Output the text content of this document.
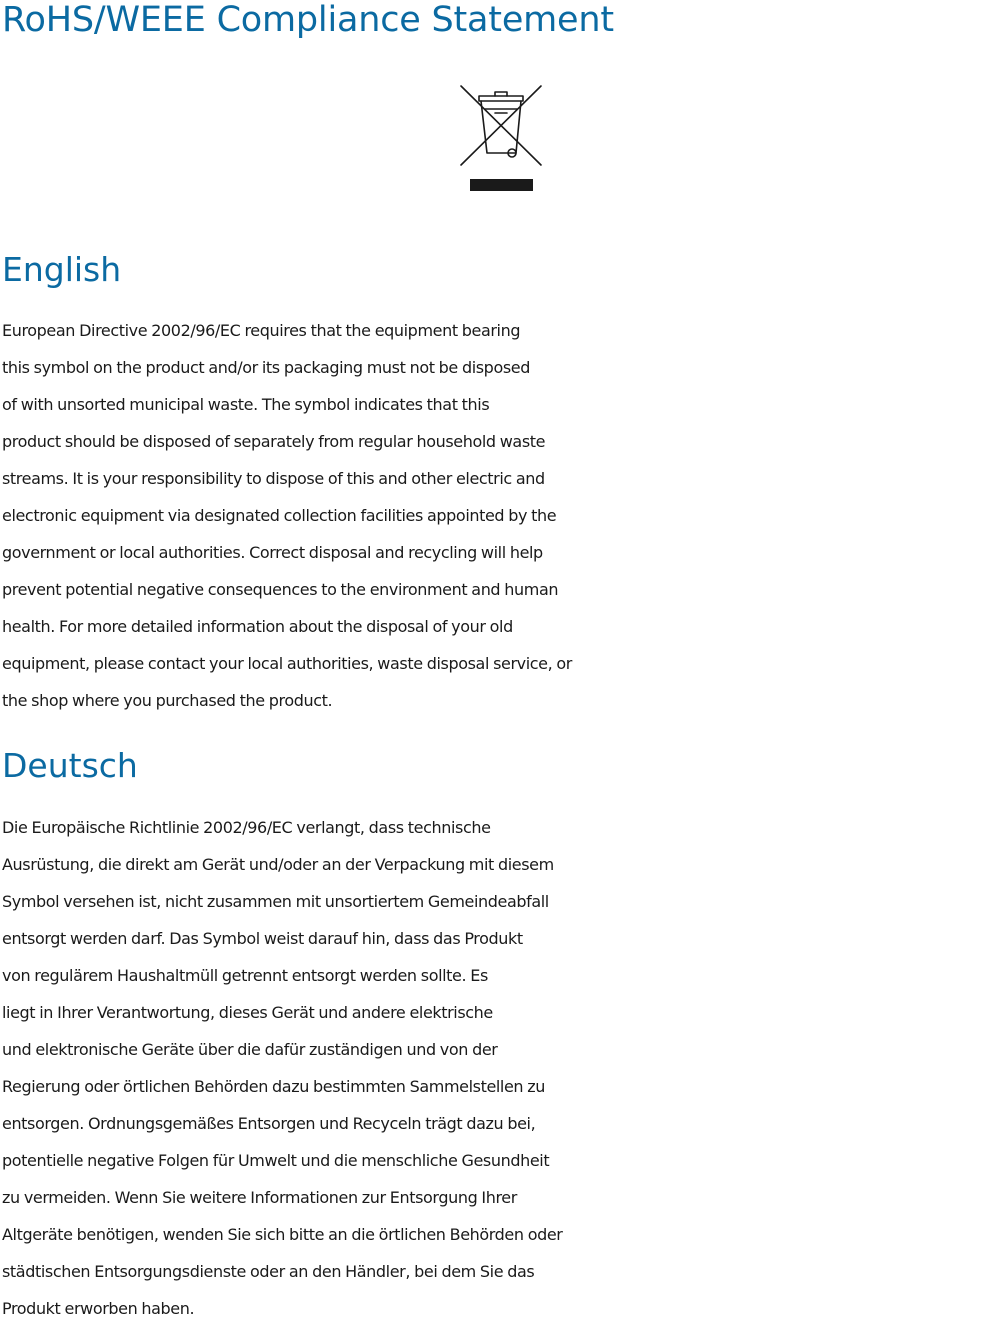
RoHS/WEEE Compliance Statement
English

European Directive 2002/96/EC requires that the equipment bearing
this symbol on the product and/or its packaging must not be disposed
of with unsorted municipal waste. The symbol indicates that this
product should be disposed of separately from regular household waste
streams. It is your responsibility to dispose of this and other electric and
electronic equipment via designated collection facilities appointed by the
government or local authorities. Correct disposal and recycling will help
prevent potential negative consequences to the environment and human
health. For more detailed information about the disposal of your old
equipment, please contact your local authorities, waste disposal service, or
the shop where you purchased the product.

Deutsch

Die Europäische Richtlinie 2002/96/EC verlangt, dass technische
Ausrüstung, die direkt am Gerät und/oder an der Verpackung mit diesem
Symbol versehen ist, nicht zusammen mit unsortiertem Gemeindeabfall
entsorgt werden darf. Das Symbol weist darauf hin, dass das Produkt
von regulärem Haushaltmüll getrennt entsorgt werden sollte. Es
liegt in Ihrer Verantwortung, dieses Gerät und andere elektrische
und elektronische Geräte über die dafür zuständigen und von der
Regierung oder örtlichen Behörden dazu bestimmten Sammelstellen zu
entsorgen. Ordnungsgemäßes Entsorgen und Recyceln trägt dazu bei,
potentielle negative Folgen für Umwelt und die menschliche Gesundheit
zu vermeiden. Wenn Sie weitere Informationen zur Entsorgung Ihrer
Altgeräte benötigen, wenden Sie sich bitte an die örtlichen Behörden oder
städtischen Entsorgungsdienste oder an den Händler, bei dem Sie das
Produkt erworben haben.
